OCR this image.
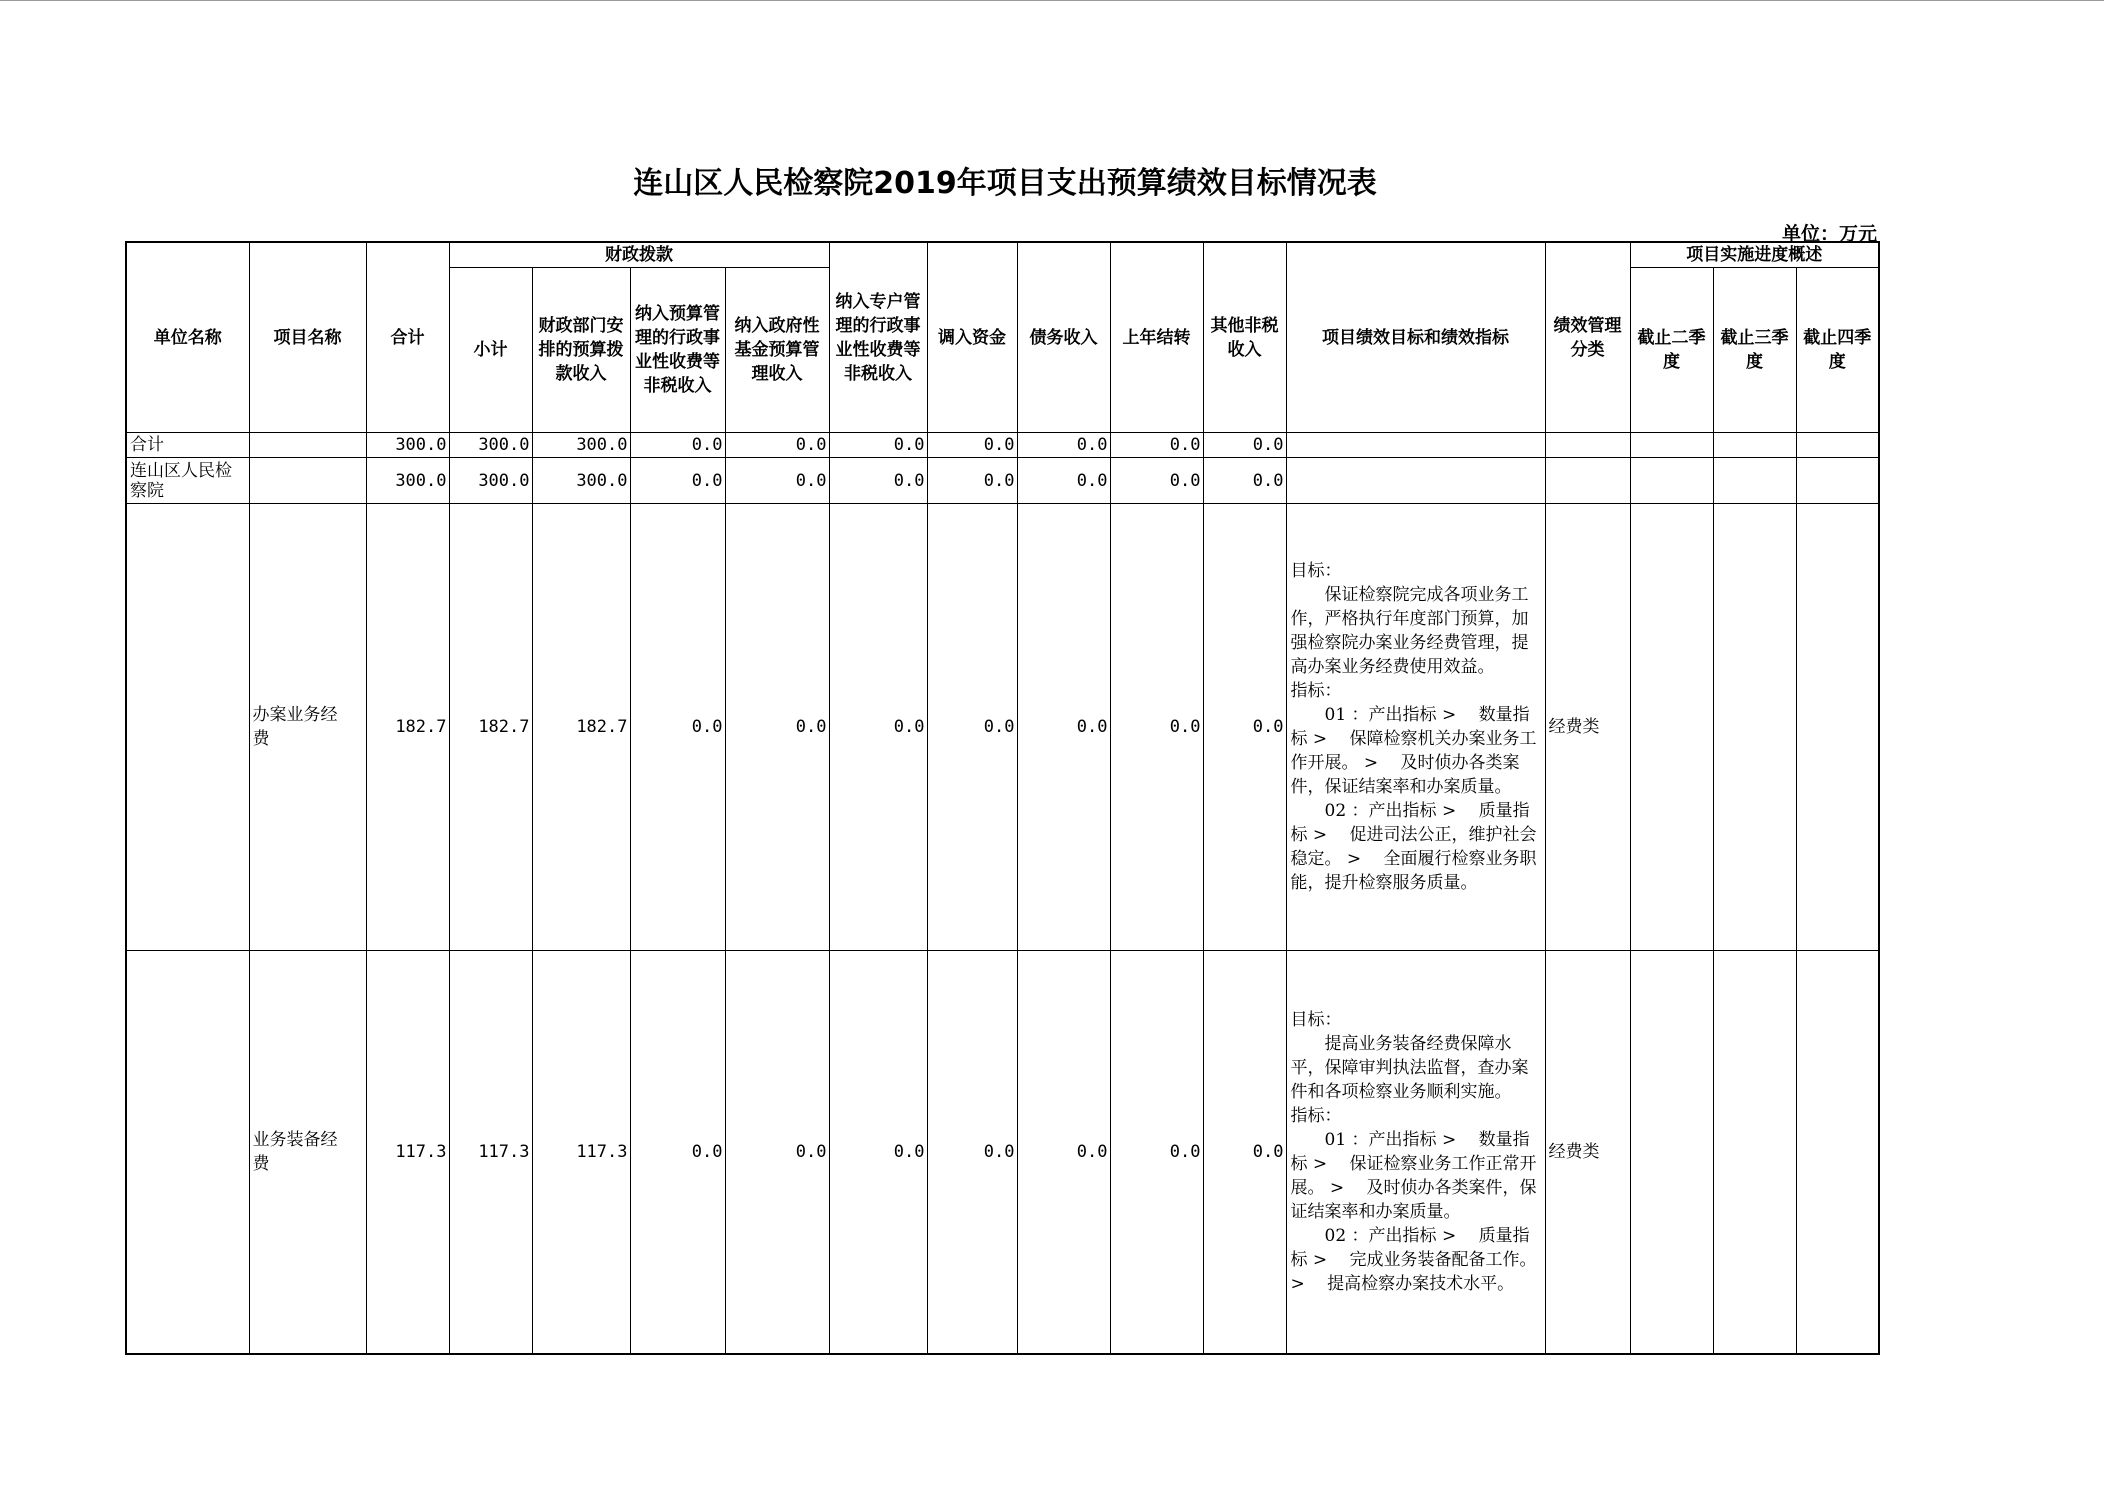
连山区人民检察院2019年项目支出预算绩效目标情况表
单位：万元
单位名称	项目名称	合计	财政拨款				纳入专户管理的行政事业性收费等非税收入	调入资金	债务收入	上年结转	其他非税收入	项目绩效目标和绩效指标	绩效管理分类	项目实施进度概述		
			小计	财政部门安排的预算拨款收入	纳入预算管理的行政事业性收费等非税收入	纳入政府性基金预算管理收入								截止二季度	截止三季度	截止四季度
合计		300.0	300.0	300.0	0.0	0.0	0.0	0.0	0.0	0.0	0.0					
连山区人民检察院		300.0	300.0	300.0	0.0	0.0	0.0	0.0	0.0	0.0	0.0					
	办案业务经费	182.7	182.7	182.7	0.0	0.0	0.0	0.0	0.0	0.0	0.0	目标：
　　保证检察院完成各项业务工作，严格执行年度部门预算，加强检察院办案业务经费管理，提高办案业务经费使用效益。
指标：
　　01 ：产出指标 > 　数量指标 > 　保障检察机关办案业务工作开展。 > 　及时侦办各类案件，保证结案率和办案质量。
　　02 ：产出指标 > 　质量指标 > 　促进司法公正，维护社会稳定。 > 　全面履行检察业务职能，提升检察服务质量。	经费类			
	业务装备经费	117.3	117.3	117.3	0.0	0.0	0.0	0.0	0.0	0.0	0.0	目标：
　　提高业务装备经费保障水平，保障审判执法监督，查办案件和各项检察业务顺利实施。
指标：
　　01 ：产出指标 > 　数量指标 > 　保证检察业务工作正常开展。 > 　及时侦办各类案件，保证结案率和办案质量。
　　02 ：产出指标 > 　质量指标 > 　完成业务装备配备工作。 > 　提高检察办案技术水平。	经费类			
